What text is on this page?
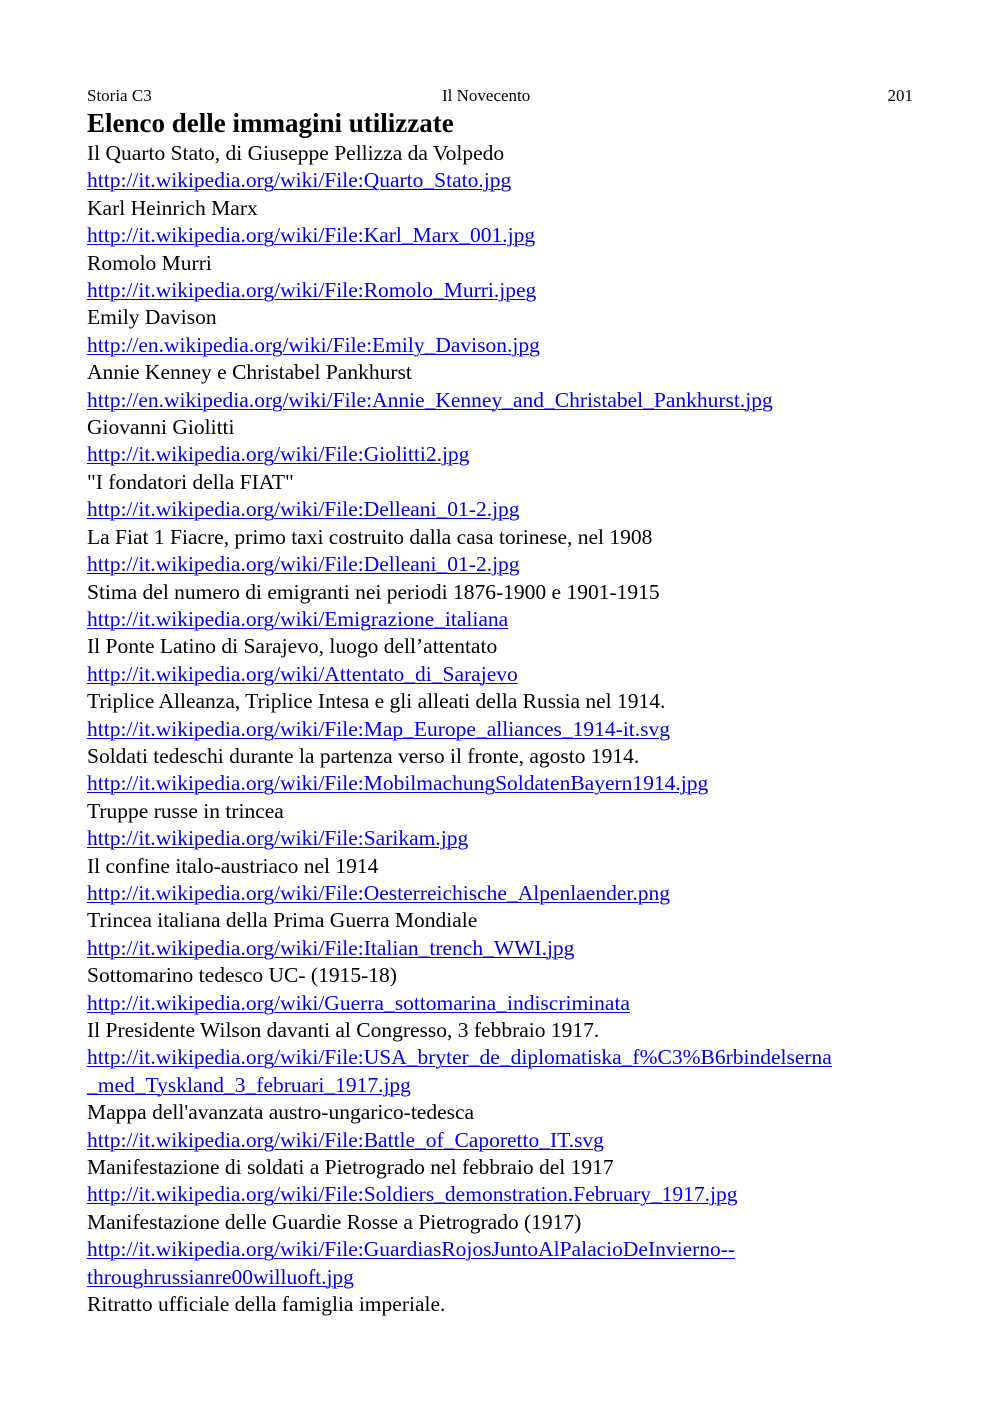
Storia C3	Il Novecento	201
Elenco delle immagini utilizzate
Il Quarto Stato, di Giuseppe Pellizza da Volpedo
http://it.wikipedia.org/wiki/File:Quarto_Stato.jpg
Karl Heinrich Marx
http://it.wikipedia.org/wiki/File:Karl_Marx_001.jpg
Romolo Murri
http://it.wikipedia.org/wiki/File:Romolo_Murri.jpeg
Emily Davison
http://en.wikipedia.org/wiki/File:Emily_Davison.jpg
Annie Kenney e Christabel Pankhurst
http://en.wikipedia.org/wiki/File:Annie_Kenney_and_Christabel_Pankhurst.jpg
Giovanni Giolitti
http://it.wikipedia.org/wiki/File:Giolitti2.jpg
"I fondatori della FIAT"
http://it.wikipedia.org/wiki/File:Delleani_01-2.jpg
La Fiat 1 Fiacre, primo taxi costruito dalla casa torinese, nel 1908
http://it.wikipedia.org/wiki/File:Delleani_01-2.jpg
Stima del numero di emigranti nei periodi 1876-1900 e 1901-1915
http://it.wikipedia.org/wiki/Emigrazione_italiana
Il Ponte Latino di Sarajevo, luogo dell’attentato
http://it.wikipedia.org/wiki/Attentato_di_Sarajevo
Triplice Alleanza, Triplice Intesa e gli alleati della Russia nel 1914.
http://it.wikipedia.org/wiki/File:Map_Europe_alliances_1914-it.svg
Soldati tedeschi durante la partenza verso il fronte, agosto 1914.
http://it.wikipedia.org/wiki/File:MobilmachungSoldatenBayern1914.jpg
Truppe russe in trincea
http://it.wikipedia.org/wiki/File:Sarikam.jpg
Il confine italo-austriaco nel 1914
http://it.wikipedia.org/wiki/File:Oesterreichische_Alpenlaender.png
Trincea italiana della Prima Guerra Mondiale
http://it.wikipedia.org/wiki/File:Italian_trench_WWI.jpg
Sottomarino tedesco UC- (1915-18)
http://it.wikipedia.org/wiki/Guerra_sottomarina_indiscriminata
Il Presidente Wilson davanti al Congresso, 3 febbraio 1917.
http://it.wikipedia.org/wiki/File:USA_bryter_de_diplomatiska_f%C3%B6rbindelserna
_med_Tyskland_3_februari_1917.jpg
Mappa dell'avanzata austro-ungarico-tedesca
http://it.wikipedia.org/wiki/File:Battle_of_Caporetto_IT.svg
Manifestazione di soldati a Pietrogrado nel febbraio del 1917
http://it.wikipedia.org/wiki/File:Soldiers_demonstration.February_1917.jpg
Manifestazione delle Guardie Rosse a Pietrogrado (1917)
http://it.wikipedia.org/wiki/File:GuardiasRojosJuntoAlPalacioDeInvierno--
throughrussianre00willuoft.jpg
Ritratto ufficiale della famiglia imperiale.
